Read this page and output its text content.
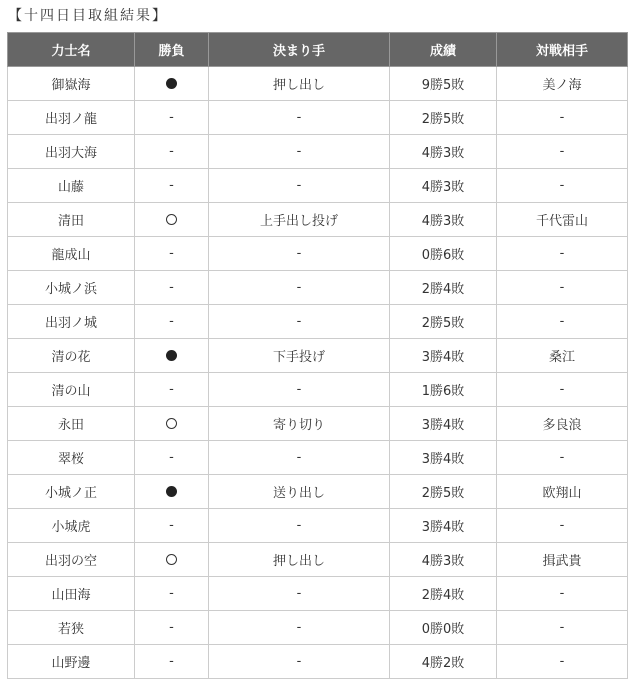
【十四日目取組結果】
力士名	勝負	決まり手	成績	対戦相手
御嶽海		押し出し	9勝5敗	美ノ海
出羽ノ龍	-	-	2勝5敗	-
出羽大海	-	-	4勝3敗	-
山藤	-	-	4勝3敗	-
清田		上手出し投げ	4勝3敗	千代雷山
龍成山	-	-	0勝6敗	-
小城ノ浜	-	-	2勝4敗	-
出羽ノ城	-	-	2勝5敗	-
清の花		下手投げ	3勝4敗	桑江
清の山	-	-	1勝6敗	-
永田		寄り切り	3勝4敗	多良浪
翠桜	-	-	3勝4敗	-
小城ノ正		送り出し	2勝5敗	欧翔山
小城虎	-	-	3勝4敗	-
出羽の空		押し出し	4勝3敗	揖武貴
山田海	-	-	2勝4敗	-
若狭	-	-	0勝0敗	-
山野邊	-	-	4勝2敗	-
